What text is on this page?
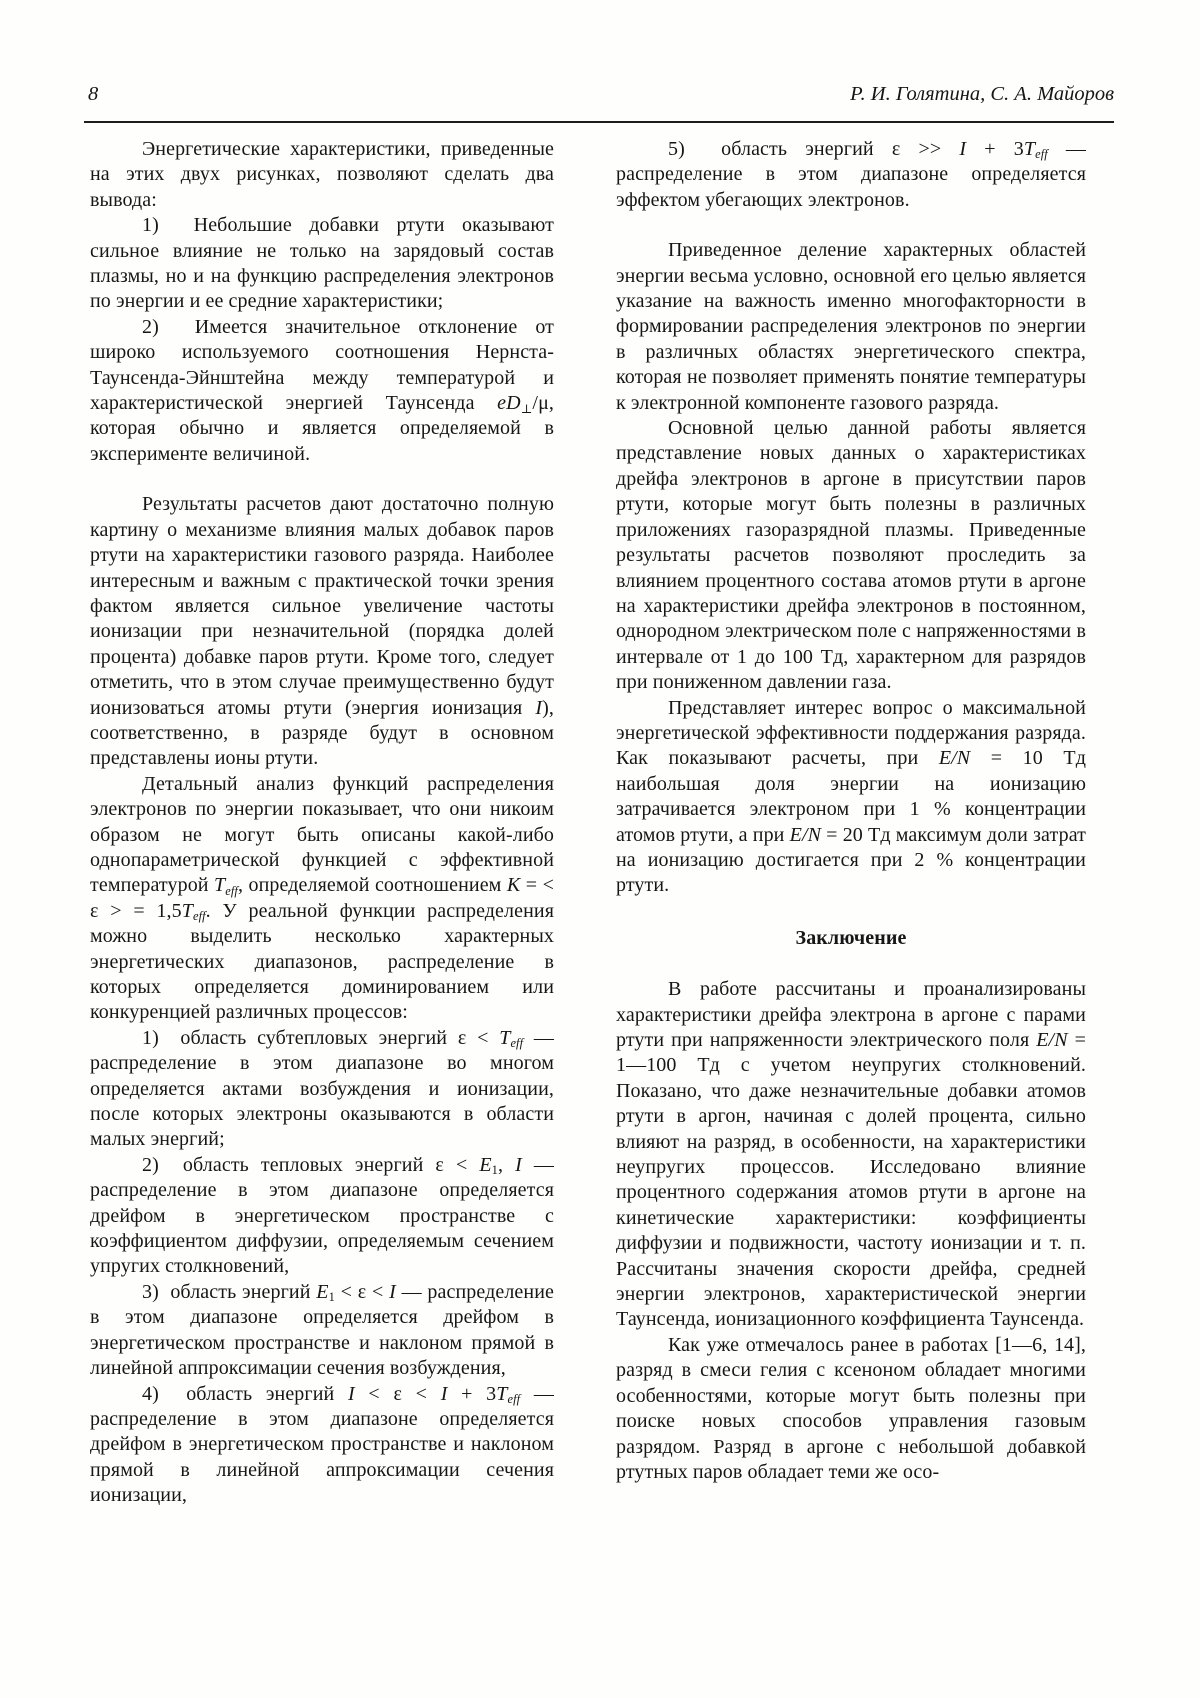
8	Р. И. Голятина, С. А. Майоров

Энергетические характеристики, приведенные на этих двух рисунках, позволяют сделать два вывода:

1)  Небольшие добавки ртути оказывают сильное влияние не только на зарядовый состав плазмы, но и на функцию распределения электронов по энергии и ее средние характеристики;

2)  Имеется значительное отклонение от широко используемого соотношения Нернста-Таунсенда-Эйнштейна между температурой и характеристической энергией Таунсенда $eD_\perp/\mu$, которая обычно и является определяемой в эксперименте величиной.

Результаты расчетов дают достаточно полную картину о механизме влияния малых добавок паров ртути на характеристики газового разряда. Наиболее интересным и важным с практической точки зрения фактом является сильное увеличение частоты ионизации при незначительной (порядка долей процента) добавке паров ртути. Кроме того, следует отметить, что в этом случае преимущественно будут ионизоваться атомы ртути (энергия ионизация I), соответственно, в разряде будут в основном представлены ионы ртути.

Детальный анализ функций распределения электронов по энергии показывает, что они никоим образом не могут быть описаны какой-либо однопараметрической функцией с эффективной температурой $T_{eff}$, определяемой соотношением K = < ε > = $1,5T_{eff}$. У реальной функции распределения можно выделить несколько характерных энергетических диапазонов, распределение в которых определяется доминированием или конкуренцией различных процессов:

1)  область субтепловых энергий $\varepsilon < T_{eff}$ — распределение в этом диапазоне во многом определяется актами возбуждения и ионизации, после которых электроны оказываются в области малых энергий;

2)  область тепловых энергий $\varepsilon < E_1$, I — распределение в этом диапазоне определяется дрейфом в энергетическом пространстве с коэффициентом диффузии, определяемым сечением упругих столкновений,

3)  область энергий $E_1 < \varepsilon < I$ — распределение в этом диапазоне определяется дрейфом в энергетическом пространстве и наклоном прямой в линейной аппроксимации сечения возбуждения,

4)  область энергий $I < \varepsilon < I + 3T_{eff}$ — распределение в этом диапазоне определяется дрейфом в энергетическом пространстве и наклоном прямой в линейной аппроксимации сечения ионизации,

5)  область энергий $\varepsilon >> I + 3T_{eff}$ — распределение в этом диапазоне определяется эффектом убегающих электронов.

Приведенное деление характерных областей энергии весьма условно, основной его целью является указание на важность именно многофакторности в формировании распределения электронов по энергии в различных областях энергетического спектра, которая не позволяет применять понятие температуры к электронной компоненте газового разряда.

Основной целью данной работы является представление новых данных о характеристиках дрейфа электронов в аргоне в присутствии паров ртути, которые могут быть полезны в различных приложениях газоразрядной плазмы. Приведенные результаты расчетов позволяют проследить за влиянием процентного состава атомов ртути в аргоне на характеристики дрейфа электронов в постоянном, однородном электрическом поле с напряженностями в интервале от 1 до 100 Тд, характерном для разрядов при пониженном давлении газа.

Представляет интерес вопрос о максимальной энергетической эффективности поддержания разряда. Как показывают расчеты, при E/N = 10 Тд наибольшая доля энергии на ионизацию затрачивается электроном при 1 % концентрации атомов ртути, а при E/N = 20 Тд максимум доли затрат на ионизацию достигается при 2 % концентрации ртути.

Заключение

В работе рассчитаны и проанализированы характеристики дрейфа электрона в аргоне с парами ртути при напряженности электрического поля E/N = 1—100 Тд с учетом неупругих столкновений. Показано, что даже незначительные добавки атомов ртути в аргон, начиная с долей процента, сильно влияют на разряд, в особенности, на характеристики неупругих процессов. Исследовано влияние процентного содержания атомов ртути в аргоне на кинетические характеристики: коэффициенты диффузии и подвижности, частоту ионизации и т. п. Рассчитаны значения скорости дрейфа, средней энергии электронов, характеристической энергии Таунсенда, ионизационного коэффициента Таунсенда.

Как уже отмечалось ранее в работах [1—6, 14], разряд в смеси гелия с ксеноном обладает многими особенностями, которые могут быть полезны при поиске новых способов управления газовым разрядом. Разряд в аргоне с небольшой добавкой ртутных паров обладает теми же осо-
